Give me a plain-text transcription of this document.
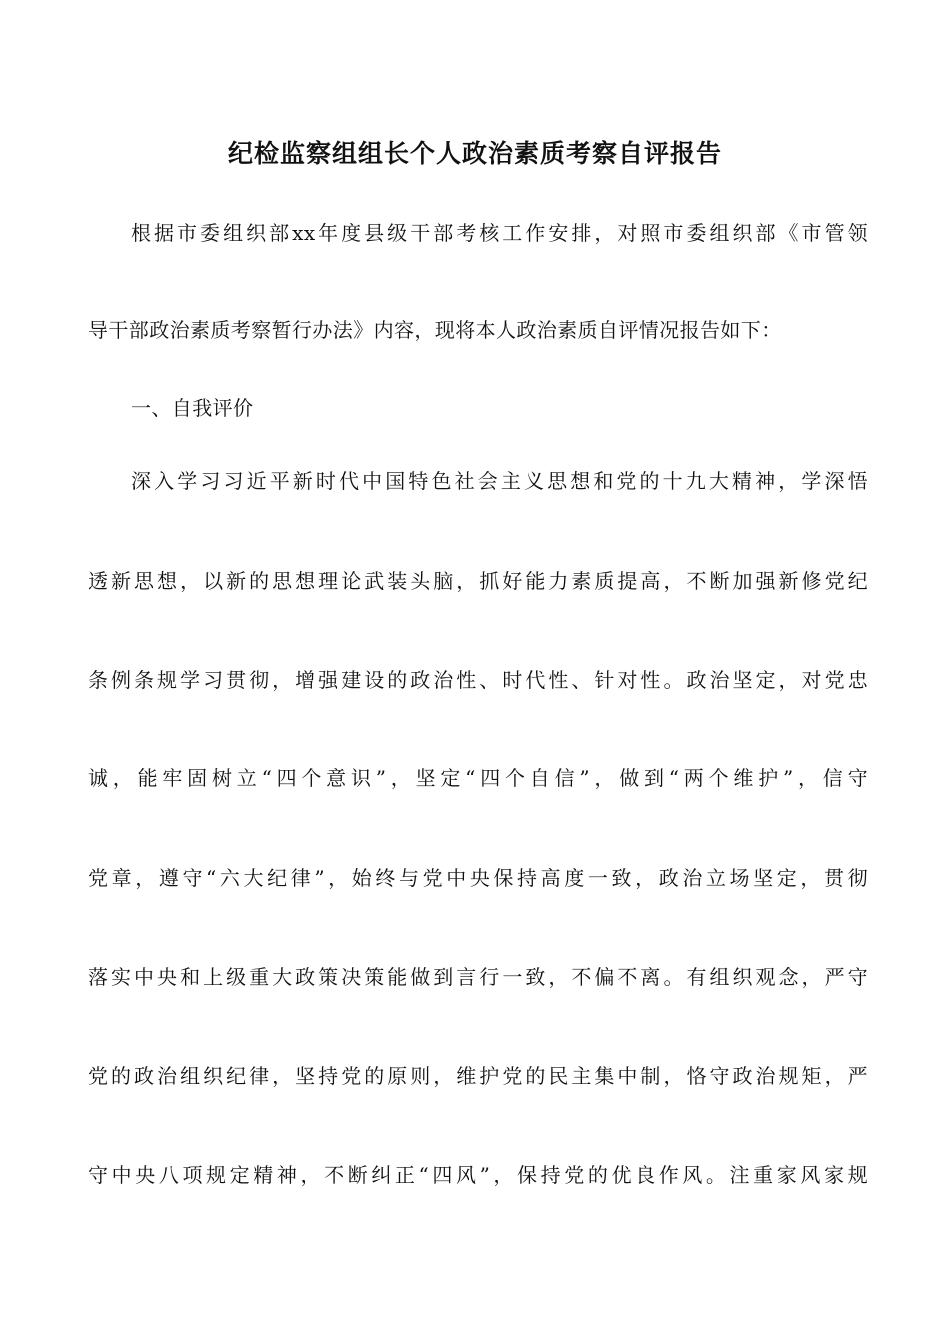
纪检监察组组长个人政治素质考察自评报告
根据市委组织部xx年度县级干部考核工作安排，对照市委组织部《市管领
导干部政治素质考察暂行办法》内容，现将本人政治素质自评情况报告如下：
一、自我评价
深入学习习近平新时代中国特色社会主义思想和党的十九大精神，学深悟
透新思想，以新的思想理论武装头脑，抓好能力素质提高，不断加强新修党纪
条例条规学习贯彻，增强建设的政治性、时代性、针对性。政治坚定，对党忠
诚，能牢固树立“四个意识”，坚定“四个自信”，做到“两个维护”，信守
党章，遵守“六大纪律”，始终与党中央保持高度一致，政治立场坚定，贯彻
落实中央和上级重大政策决策能做到言行一致，不偏不离。有组织观念，严守
党的政治组织纪律，坚持党的原则，维护党的民主集中制，恪守政治规矩，严
守中央八项规定精神，不断纠正“四风”，保持党的优良作风。注重家风家规
